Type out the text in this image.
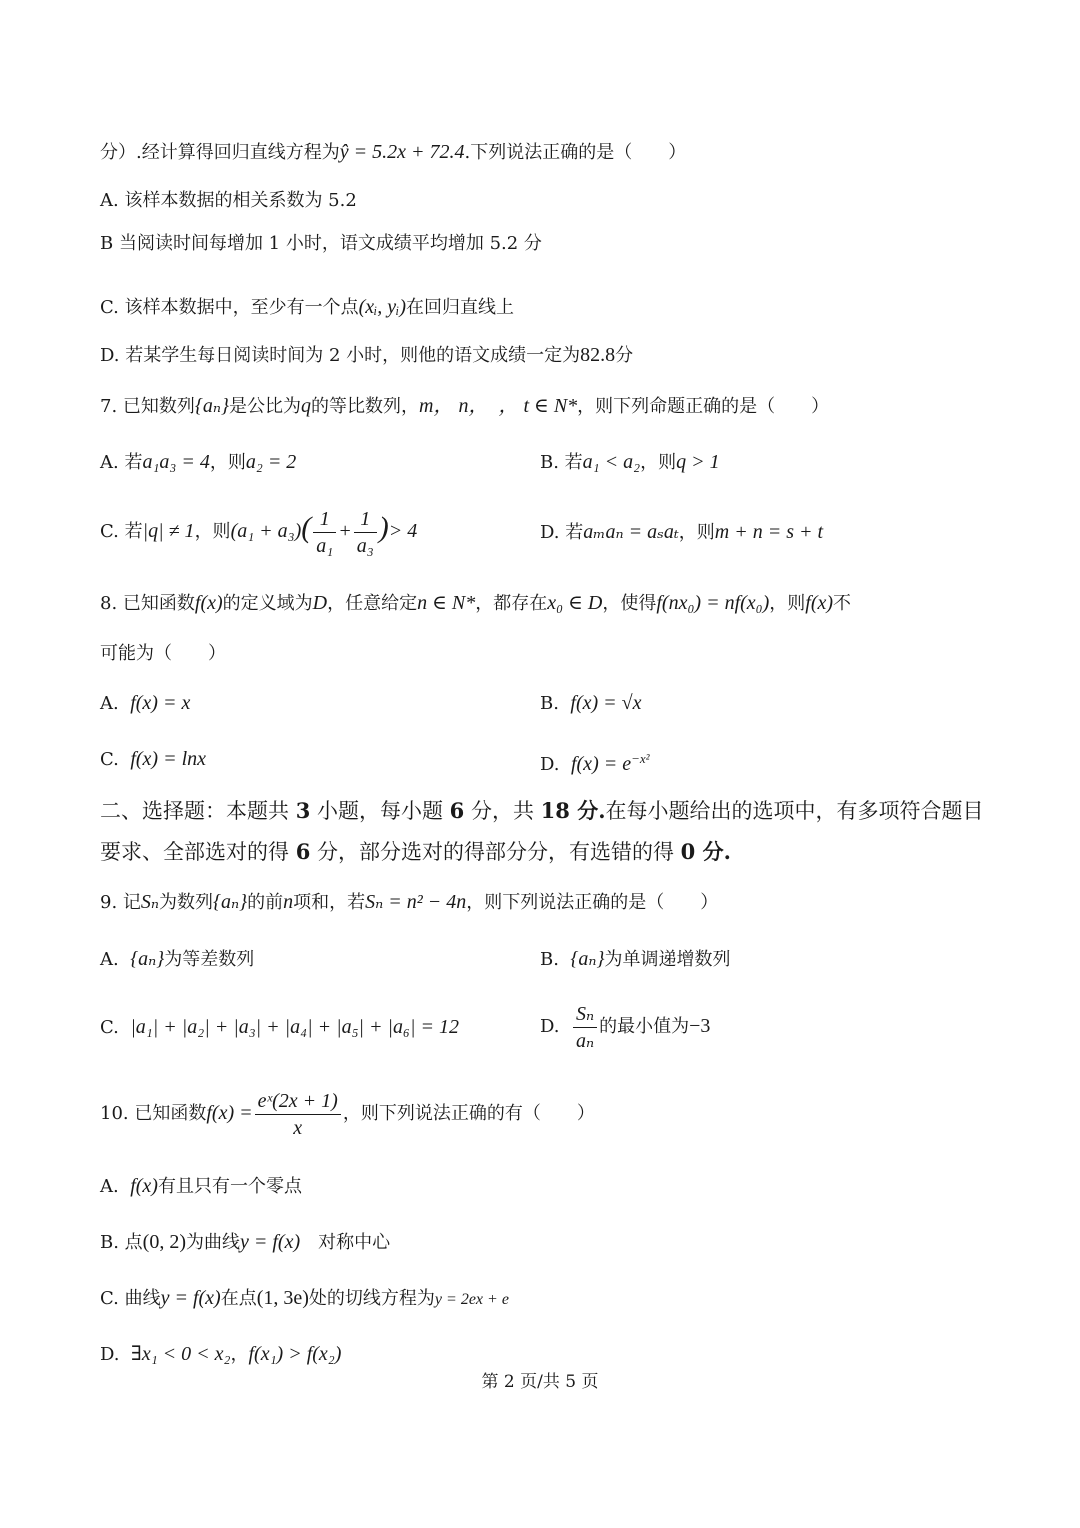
分）.经计算得回归直线方程为ŷ = 5.2x + 72.4.下列说法正确的是（　　）
A. 该样本数据的相关系数为 5.2
B 当阅读时间每增加 1 小时，语文成绩平均增加 5.2 分
C. 该样本数据中，至少有一个点(xᵢ, yᵢ)在回归直线上
D. 若某学生每日阅读时间为 2 小时，则他的语文成绩一定为82.8分
7. 已知数列{aₙ}是公比为q的等比数列，m， n，　， t ∈ N*，则下列命题正确的是（　　）
A. 若a₁a₃ = 4，则a₂ = 2	B. 若a₁ < a₂，则q > 1
C. 若|q| ≠ 1，则$(a_1 + a_3)( \frac{1}{\text{a₁}} + \frac{1}{\text{a₃}}$ )> 4	D. 若aₘaₙ = aₛaₜ，则m + n = s + t
8. 已知函数f(x)的定义域为D，任意给定n ∈ N*，都存在x₀ ∈ D，使得f(nx₀) = nf(x₀)，则f(x)不
可能为（　　）
A. f(x) = x	B. f(x) = √x
C. f(x) = lnx	D. $f(x) = e^{-x^2}$
二、选择题：本题共 3 小题，每小题 6 分，共 18 分.在每小题给出的选项中，有多项符合题目
要求、全部选对的得 6 分，部分选对的得部分分，有选错的得 0 分.
9. 记Sₙ为数列{aₙ}的前n项和，若Sₙ = n² − 4n，则下列说法正确的是（　　）
A. {aₙ}为等差数列	B. {aₙ}为单调递增数列
C. |a₁| + |a₂| + |a₃| + |a₄| + |a₅| + |a₆| = 12	D. $\frac{\text{Sₙ}}{\text{aₙ}}$ 的最小值为−3
10. 已知函数$f(x) = \frac{\text{eˣ(2x + 1)}}{x}$ ，则下列说法正确的有（　　）
A. f(x)有且只有一个零点
B. 点(0, 2)为曲线y = f(x)　对称中心
C. 曲线y = f(x)在点(1, 3e)处的切线方程为y = 2ex + e
D. ∃x₁ < 0 < x₂，f(x₁) > f(x₂)
第 2 页/共 5 页
